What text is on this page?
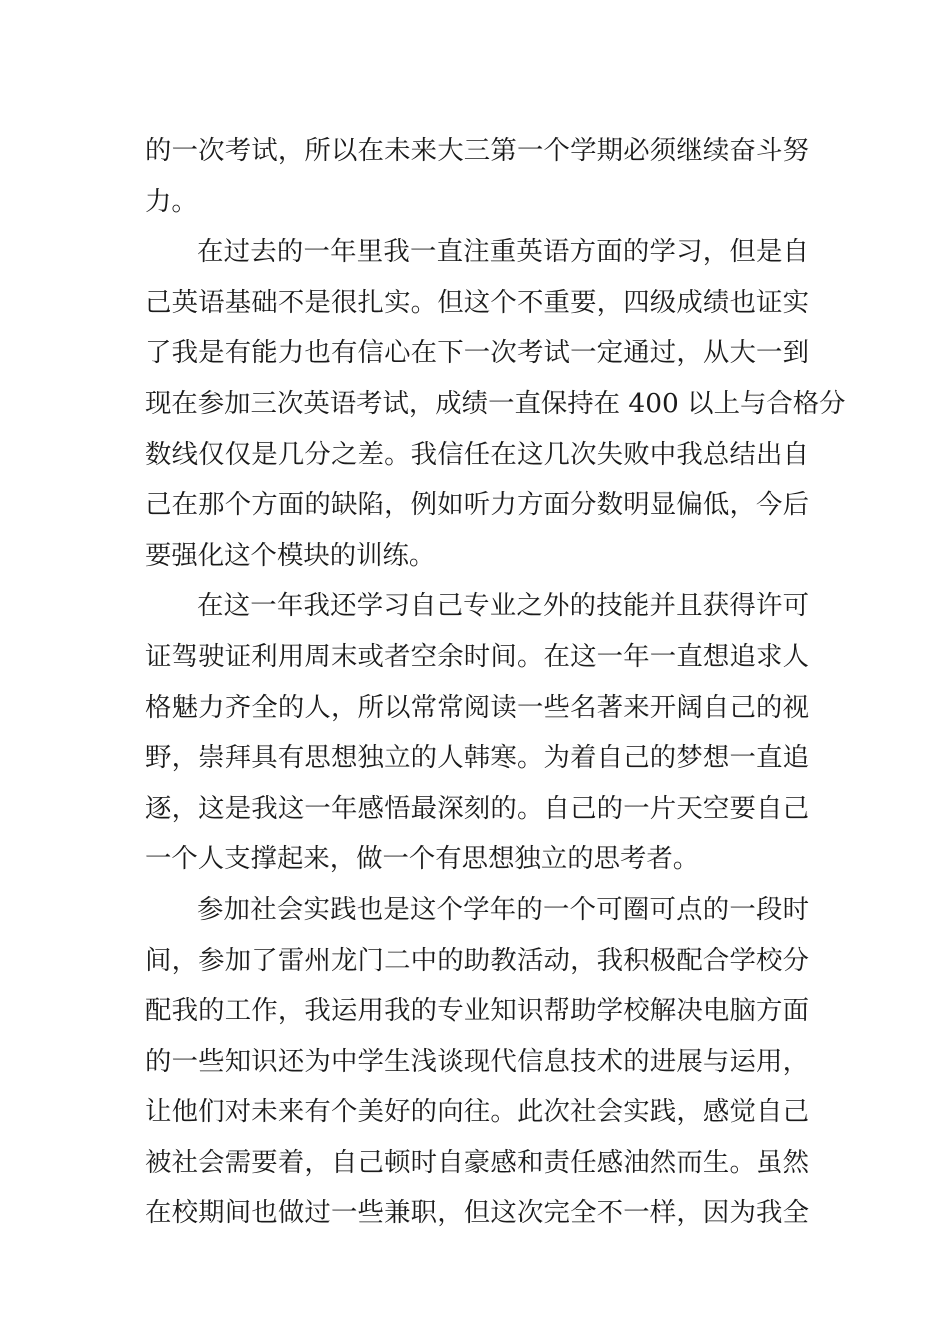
的一次考试，所以在未来大三第一个学期必须继续奋斗努
力。
在过去的一年里我一直注重英语方面的学习，但是自
己英语基础不是很扎实。但这个不重要，四级成绩也证实
了我是有能力也有信心在下一次考试一定通过，从大一到
现在参加三次英语考试，成绩一直保持在 400 以上与合格分
数线仅仅是几分之差。我信任在这几次失败中我总结出自
己在那个方面的缺陷，例如听力方面分数明显偏低，今后
要强化这个模块的训练。
在这一年我还学习自己专业之外的技能并且获得许可
证驾驶证利用周末或者空余时间。在这一年一直想追求人
格魅力齐全的人，所以常常阅读一些名著来开阔自己的视
野，崇拜具有思想独立的人韩寒。为着自己的梦想一直追
逐，这是我这一年感悟最深刻的。自己的一片天空要自己
一个人支撑起来，做一个有思想独立的思考者。
参加社会实践也是这个学年的一个可圈可点的一段时
间，参加了雷州龙门二中的助教活动，我积极配合学校分
配我的工作，我运用我的专业知识帮助学校解决电脑方面
的一些知识还为中学生浅谈现代信息技术的进展与运用，
让他们对未来有个美好的向往。此次社会实践，感觉自己
被社会需要着，自己顿时自豪感和责任感油然而生。虽然
在校期间也做过一些兼职，但这次完全不一样，因为我全
